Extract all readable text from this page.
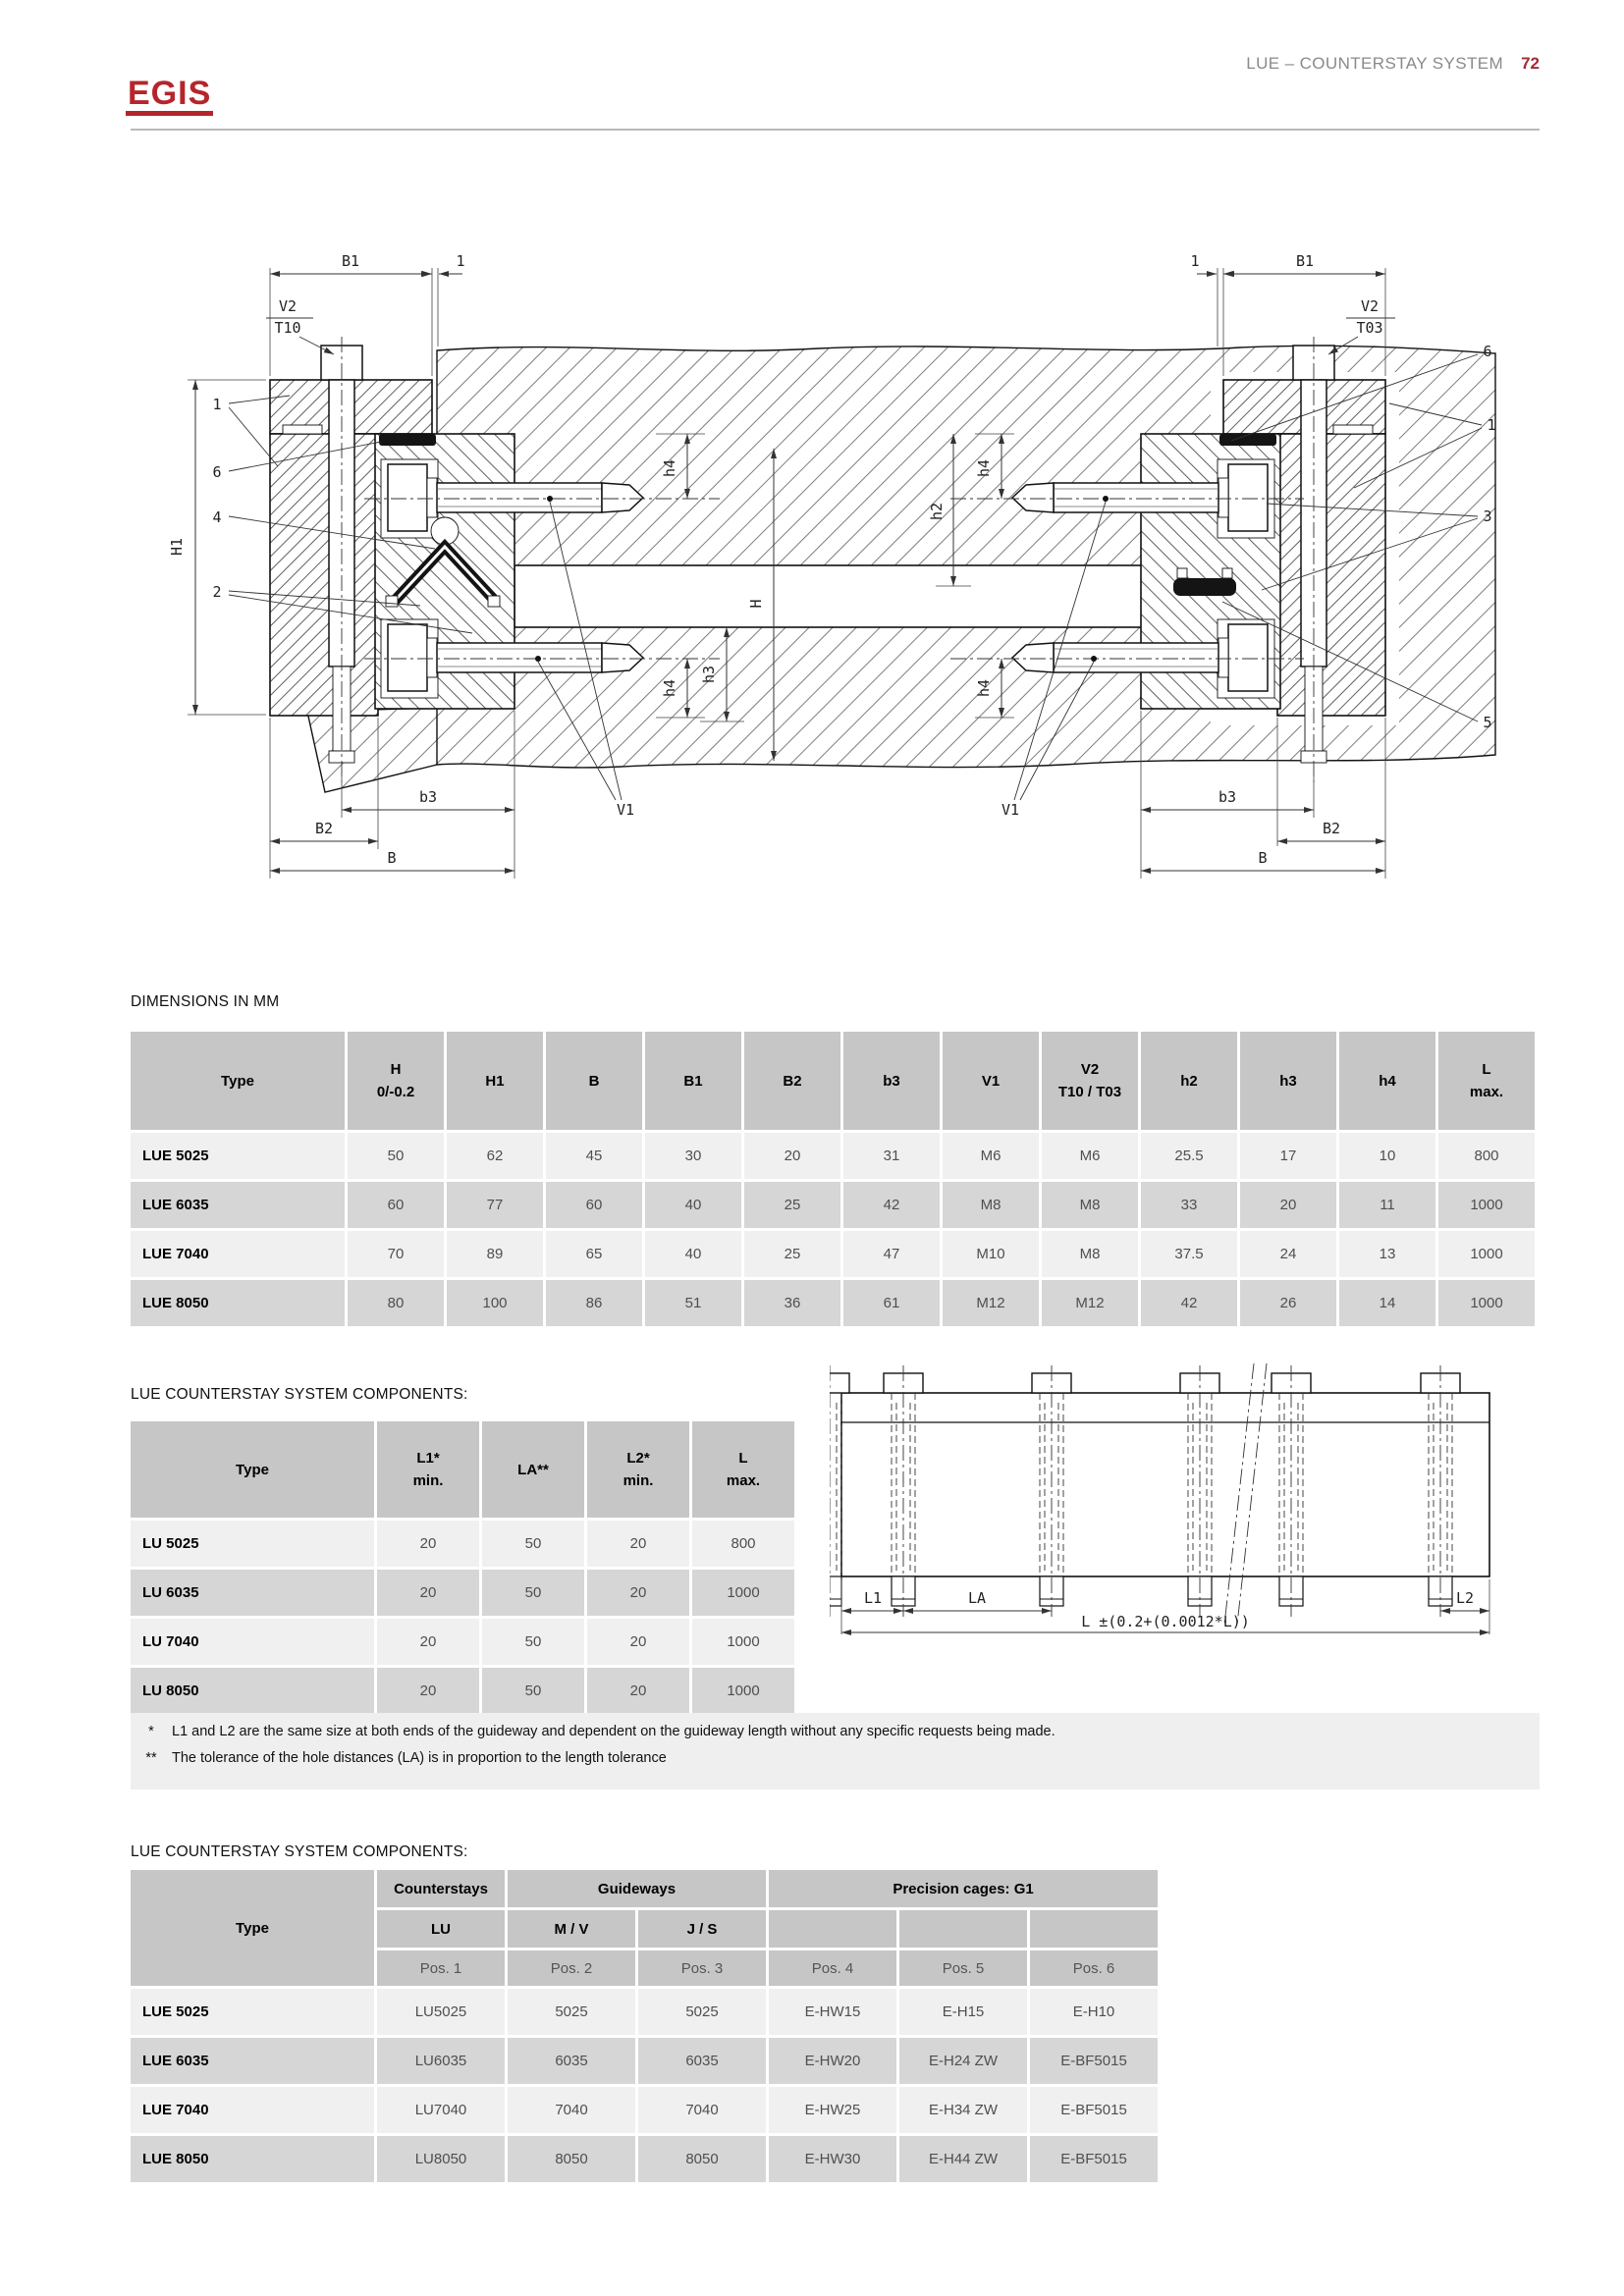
EGIS
LUE – COUNTERSTAY SYSTEM 72
B1	1	B1
1
V2
T10
V2
T03
H1
h4
h2
h4
H
h3
h4	h4
b3
B2
B
b3
B2
B
1
6
4
2
6
1
3
5
V1	V1
DIMENSIONS IN MM
Type	
H
0/-0.2
	H1	B	B1	B2	b3	V1	
V2
T10 / T03
	h2	h3	h4	
L
max.

LUE 5025	50	62	45	30	20	31	M6	M6	25.5	17	10	800
LUE 6035	60	77	60	40	25	42	M8	M8	33	20	11	1000
LUE 7040	70	89	65	40	25	47	M10	M8	37.5	24	13	1000
LUE 8050	80	100	86	51	36	61	M12	M12	42	26	14	1000
LUE COUNTERSTAY SYSTEM COMPONENTS:
Type	
L1*
min.
	LA**	
L2*
min.

L
max.

LU 5025	20	50	20	800
LU 6035	20	50	20	1000
LU 7040	20	50	20	1000
LU 8050	20	50	20	1000
L1	LA	L2
L ±(0.2+(0.0012*L))
*	L1 and L2 are the same size at both ends of the guideway and dependent on the guideway length without any specific requests being made.
**	The tolerance of the hole distances (LA) is in proportion to the length tolerance
LUE COUNTERSTAY SYSTEM COMPONENTS:
Type	Counterstays	Guideways		Precision cages: G1		
	LU	M / V	J / S			
	Pos. 1	Pos. 2	Pos. 3	Pos. 4	Pos. 5	Pos. 6
LUE 5025	LU5025	5025	5025	E-HW15	E-H15	E-H10
LUE 6035	LU6035	6035	6035	E-HW20	E-H24 ZW	E-BF5015
LUE 7040	LU7040	7040	7040	E-HW25	E-H34 ZW	E-BF5015
LUE 8050	LU8050	8050	8050	E-HW30	E-H44 ZW	E-BF5015
